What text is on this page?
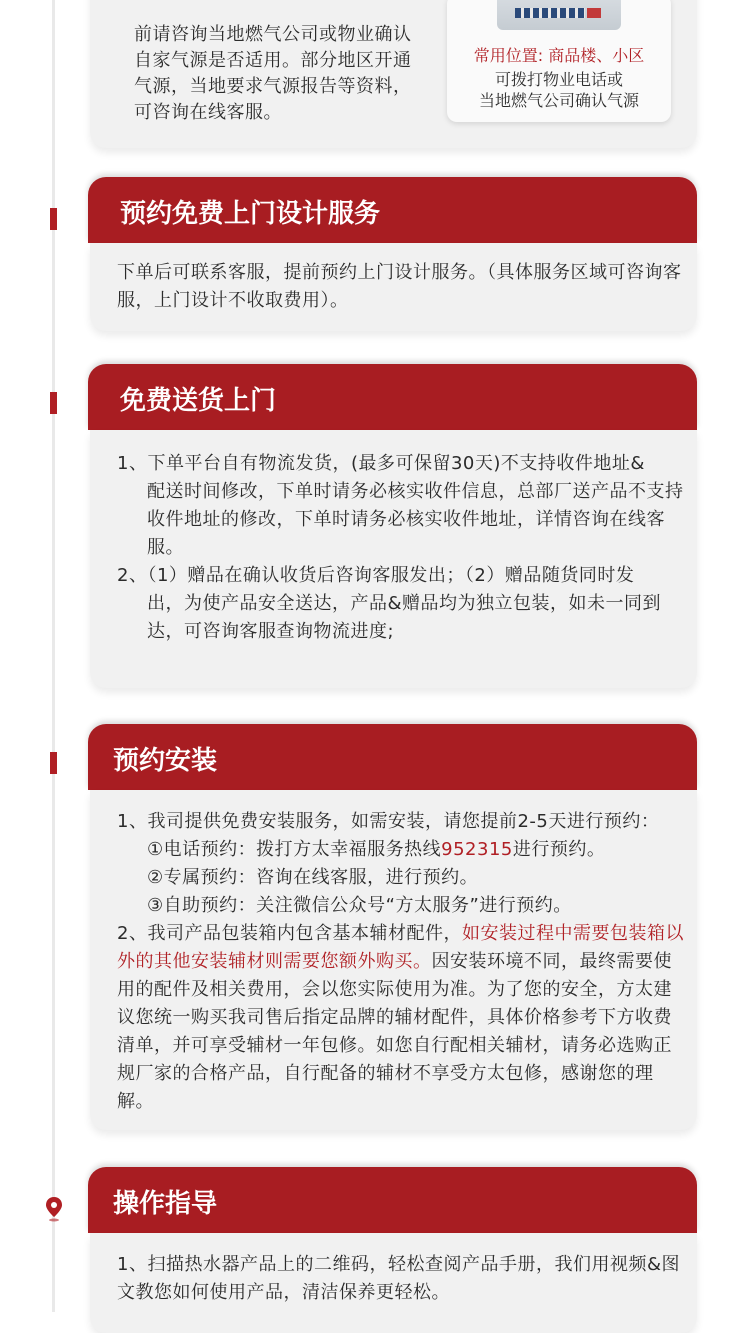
前请咨询当地燃气公司或物业确认
自家气源是否适用。部分地区开通
气源，当地要求气源报告等资料，
可咨询在线客服。
常用位置: 商品楼、小区
可拨打物业电话或
当地燃气公司确认气源
预约免费上门设计服务
下单后可联系客服，提前预约上门设计服务。（具体服务区域可咨询客服，上门设计不收取费用）。
免费送货上门
1、下单平台自有物流发货，(最多可保留30天)不支持收件地址&
配送时间修改，下单时请务必核实收件信息，总部厂送产品不支持收件地址的修改，下单时请务必核实收件地址，详情咨询在线客服。
2、（1）赠品在确认收货后咨询客服发出；（2）赠品随货同时发
出，为使产品安全送达，产品&赠品均为独立包装，如未一同到达，可咨询客服查询物流进度;
预约安装
1、我司提供免费安装服务，如需安装，请您提前2-5天进行预约：
①电话预约：拨打方太幸福服务热线952315进行预约。
②专属预约：咨询在线客服，进行预约。
③自助预约：关注微信公众号“方太服务”进行预约。
2、我司产品包装箱内包含基本辅材配件，如安装过程中需要包装箱以外的其他安装辅材则需要您额外购买。因安装环境不同，最终需要使用的配件及相关费用，会以您实际使用为准。为了您的安全，方太建议您统一购买我司售后指定品牌的辅材配件，具体价格参考下方收费清单，并可享受辅材一年包修。如您自行配相关辅材，请务必选购正规厂家的合格产品，自行配备的辅材不享受方太包修，感谢您的理解。
操作指导
1、扫描热水器产品上的二维码，轻松查阅产品手册，我们用视频&图文教您如何使用产品，清洁保养更轻松。
